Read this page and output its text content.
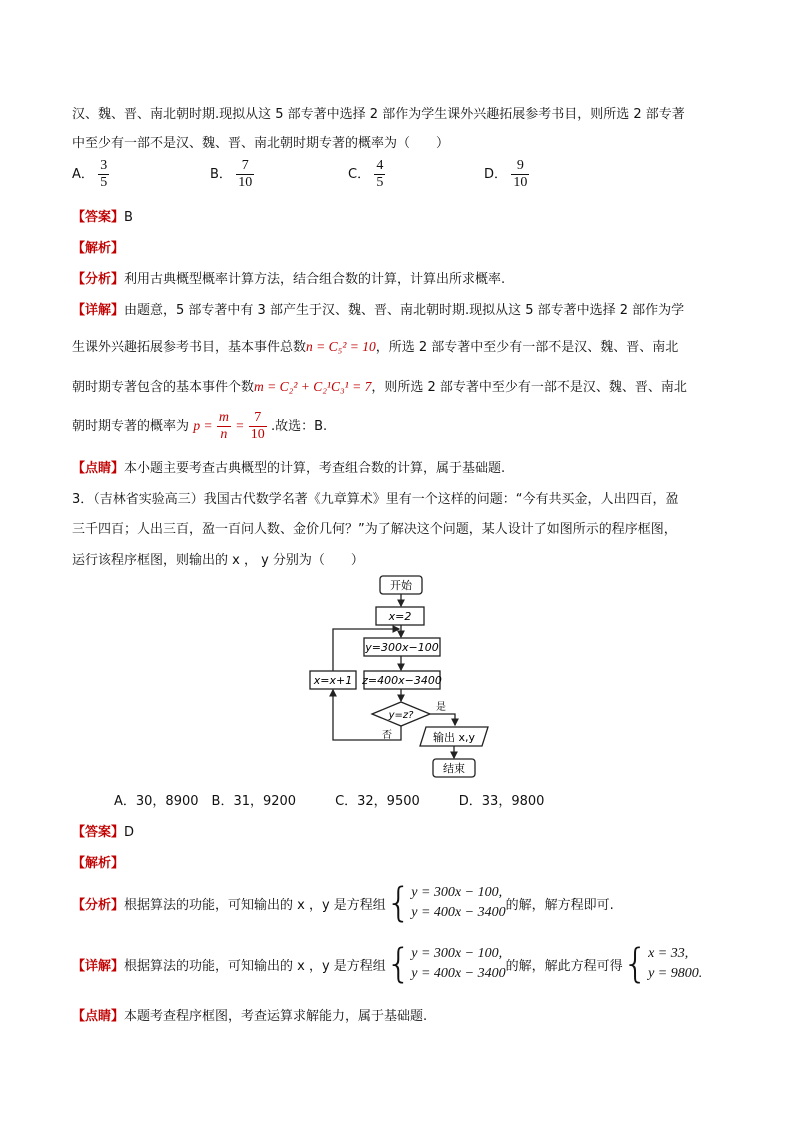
汉、魏、晋、南北朝时期.现拟从这 5 部专著中选择 2 部作为学生课外兴趣拓展参考书目，则所选 2 部专著
中至少有一部不是汉、魏、晋、南北朝时期专著的概率为（　　）
A． $\frac{3}{5}$	B． $\frac{7}{10}$	C． $\frac{4}{5}$	D． $\frac{9}{10}$
【答案】B
【解析】
【分析】利用古典概型概率计算方法，结合组合数的计算，计算出所求概率.
【详解】由题意，5 部专著中有 3 部产生于汉、魏、晋、南北朝时期.现拟从这 5 部专著中选择 2 部作为学
生课外兴趣拓展参考书目，基本事件总数n = C₅² = 10，所选 2 部专著中至少有一部不是汉、魏、晋、南北
朝时期专著包含的基本事件个数m = C₂² + C₂¹C₃¹ = 7，则所选 2 部专著中至少有一部不是汉、魏、晋、南北
朝时期专著的概率为 $p = \frac{m}{n} = \frac{7}{10}$ .故选：B.
【点睛】本小题主要考查古典概型的计算，考查组合数的计算，属于基础题.
3．（吉林省实验高三）我国古代数学名著《九章算术》里有一个这样的问题：“今有共买金，人出四百，盈
三千四百；人出三百，盈一百问人数、金价几何？”为了解决这个问题，某人设计了如图所示的程序框图，
运行该程序框图，则输出的 x ， y 分别为（　　）
开始
x=2
y=300x−100
z=400x−3400
x=x+1
y=z?
是
否	输出 x,y
结束
A．30，8900　B．31，9200　　　C．32，9500　　　D．33，9800
【答案】D
【解析】
【分析】 根据算法的功能，可知输出的 x ，y 是方程组 { y = 300x − 100,
y = 400x − 3400 的解，解方程即可.
【详解】 根据算法的功能，可知输出的 x ，y 是方程组 { y = 300x − 100,
y = 400x − 3400 的解，解此方程可得 { x = 33,
y = 9800.
【点睛】本题考查程序框图，考查运算求解能力，属于基础题.
